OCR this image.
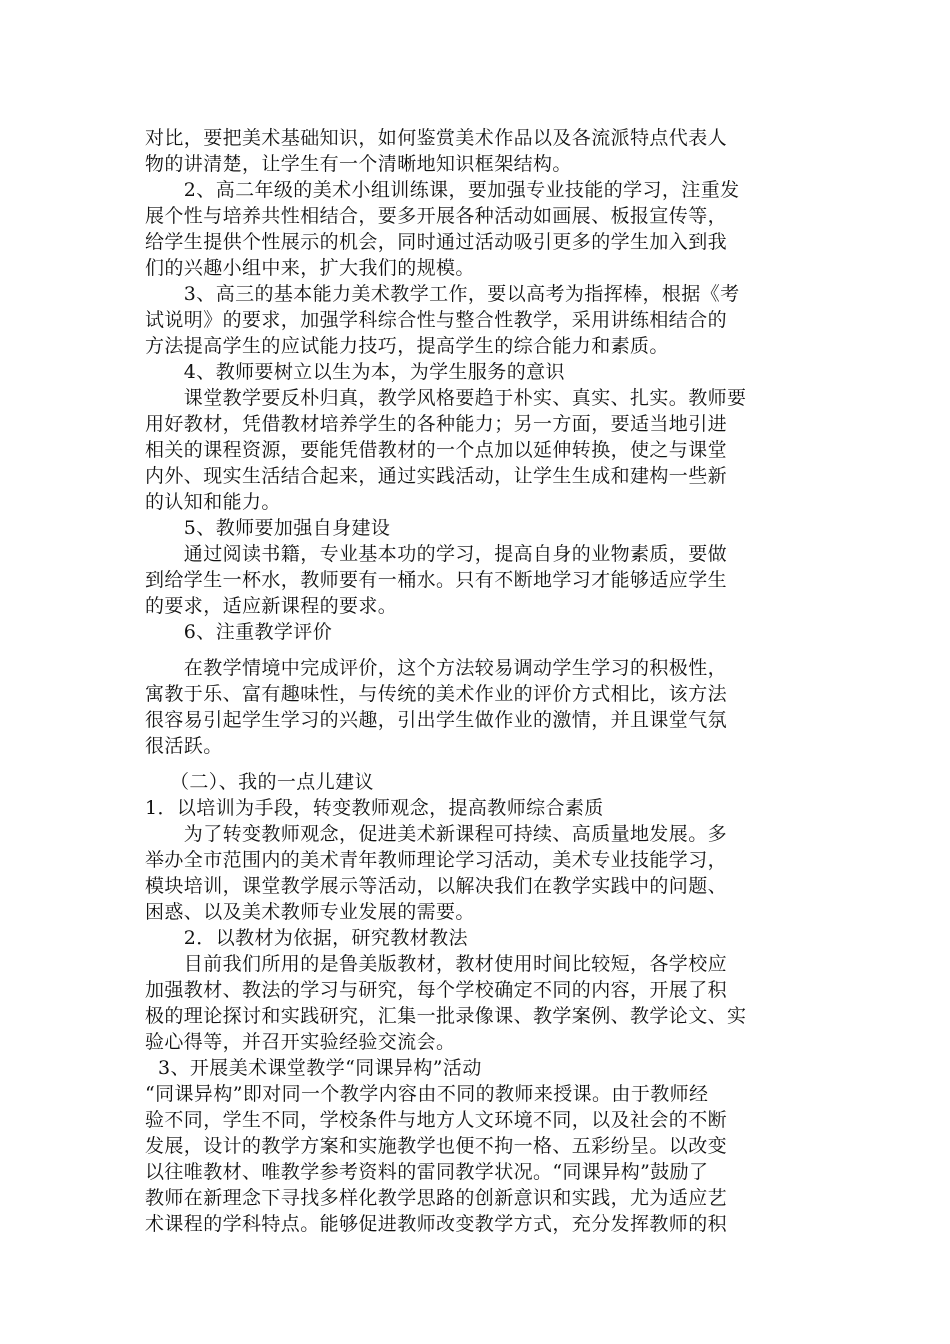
对比，要把美术基础知识，如何鉴赏美术作品以及各流派特点代表人
物的讲清楚，让学生有一个清晰地知识框架结构。
　　2、高二年级的美术小组训练课，要加强专业技能的学习，注重发
展个性与培养共性相结合，要多开展各种活动如画展、板报宣传等，
给学生提供个性展示的机会，同时通过活动吸引更多的学生加入到我
们的兴趣小组中来，扩大我们的规模。
　　3、高三的基本能力美术教学工作，要以高考为指挥棒，根据《考
试说明》的要求，加强学科综合性与整合性教学，采用讲练相结合的
方法提高学生的应试能力技巧，提高学生的综合能力和素质。
　　4、教师要树立以生为本，为学生服务的意识
　　课堂教学要反朴归真，教学风格要趋于朴实、真实、扎实。教师要
用好教材，凭借教材培养学生的各种能力；另一方面，要适当地引进
相关的课程资源，要能凭借教材的一个点加以延伸转换，使之与课堂
内外、现实生活结合起来，通过实践活动，让学生生成和建构一些新
的认知和能力。
　　5、教师要加强自身建设
　　通过阅读书籍，专业基本功的学习，提高自身的业物素质，要做
到给学生一杯水，教师要有一桶水。只有不断地学习才能够适应学生
的要求，适应新课程的要求。
　　6、注重教学评价
　　在教学情境中完成评价，这个方法较易调动学生学习的积极性，
寓教于乐、富有趣味性，与传统的美术作业的评价方式相比，该方法
很容易引起学生学习的兴趣，引出学生做作业的激情，并且课堂气氛
很活跃。
（二）、我的一点儿建议
1．以培训为手段，转变教师观念，提高教师综合素质
　　为了转变教师观念，促进美术新课程可持续、高质量地发展。多
举办全市范围内的美术青年教师理论学习活动，美术专业技能学习，
模块培训，课堂教学展示等活动，以解决我们在教学实践中的问题、
困惑、以及美术教师专业发展的需要。
　　2．以教材为依据，研究教材教法
　　目前我们所用的是鲁美版教材，教材使用时间比较短，各学校应
加强教材、教法的学习与研究，每个学校确定不同的内容，开展了积
极的理论探讨和实践研究，汇集一批录像课、教学案例、教学论文、实
验心得等，并召开实验经验交流会。
3、开展美术课堂教学“同课异构”活动
“同课异构”即对同一个教学内容由不同的教师来授课。由于教师经
验不同，学生不同，学校条件与地方人文环境不同，以及社会的不断
发展，设计的教学方案和实施教学也便不拘一格、五彩纷呈。以改变
以往唯教材、唯教学参考资料的雷同教学状况。“同课异构”鼓励了
教师在新理念下寻找多样化教学思路的创新意识和实践，尤为适应艺
术课程的学科特点。能够促进教师改变教学方式，充分发挥教师的积
